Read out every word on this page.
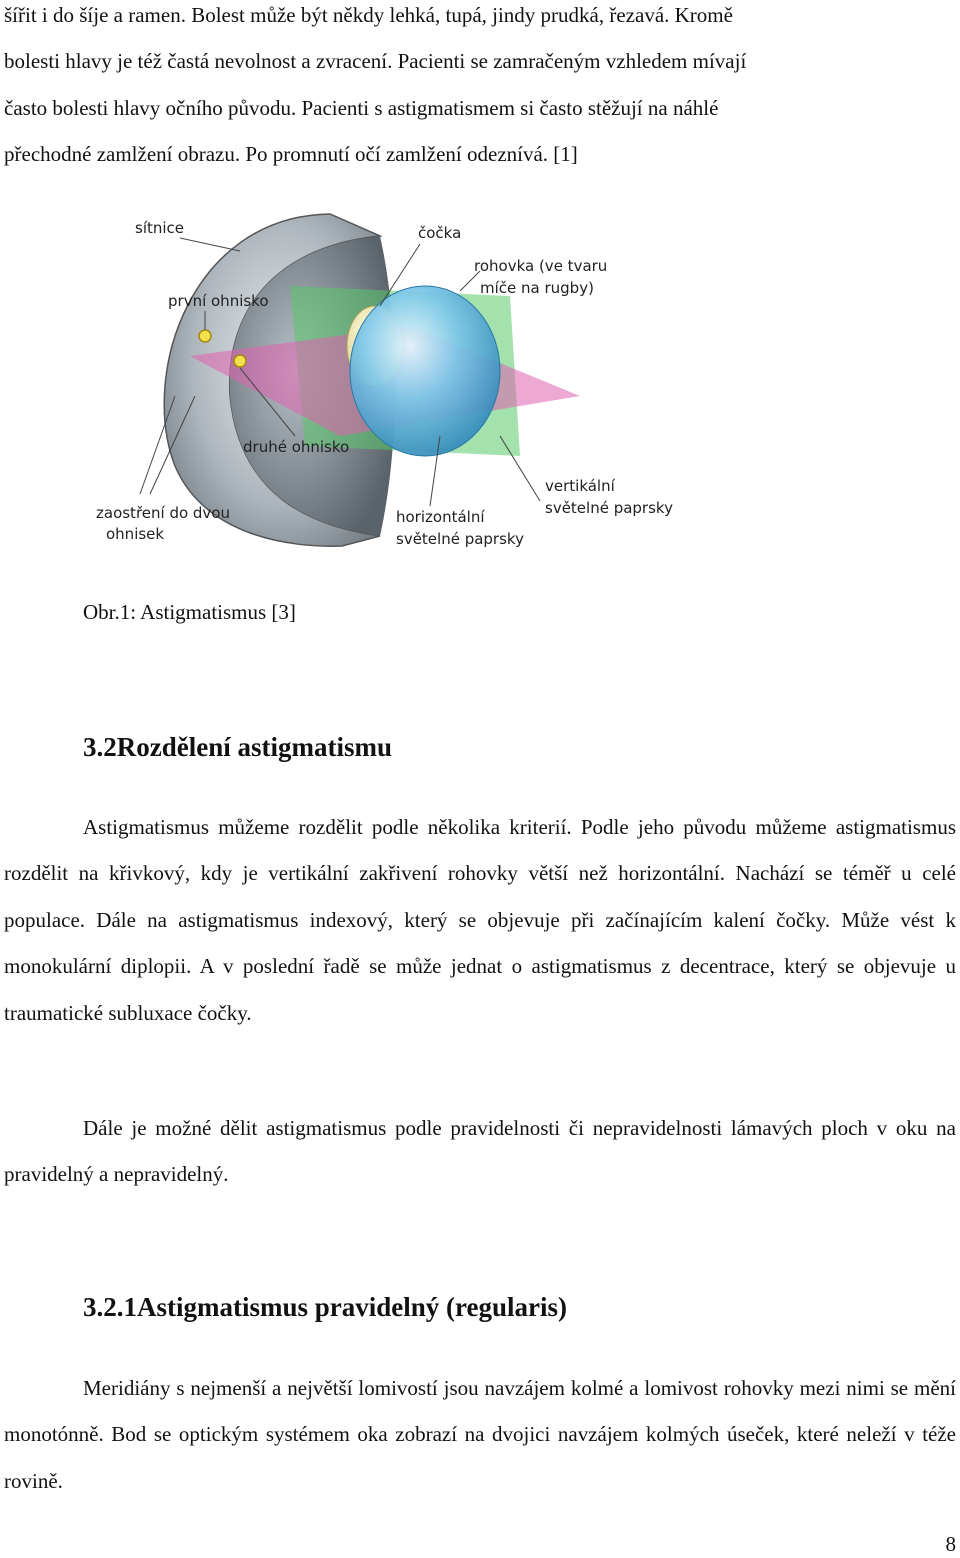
šířit i do šíje a ramen. Bolest může být někdy lehká, tupá, jindy prudká, řezavá. Kromě

bolesti hlavy je též častá nevolnost a zvracení. Pacienti se zamračeným vzhledem mívají

často bolesti hlavy očního původu. Pacienti s astigmatismem si často stěžují na náhlé

přechodné zamlžení obrazu. Po promnutí očí zamlžení odeznívá. [1]

sítnice	čočka
rohovka (ve tvaru
míče na rugby)
první ohnisko
druhé ohnisko
vertikální
světelné paprsky
zaostření do dvou
ohnisek
horizontální
světelné paprsky
Obr.1: Astigmatismus [3]
3.2Rozdělení astigmatismu
Astigmatismus můžeme rozdělit podle několika kriterií. Podle jeho původu můžeme astigmatismus rozdělit na křivkový, kdy je vertikální zakřivení rohovky větší než horizontální. Nachází se téměř u celé populace. Dále na astigmatismus indexový, který se objevuje při začínajícím kalení čočky. Může vést k monokulární diplopii. A v poslední řadě se může jednat o astigmatismus z decentrace, který se objevuje u traumatické subluxace čočky.
Dále je možné dělit astigmatismus podle pravidelnosti či nepravidelnosti lámavých ploch v oku na pravidelný a nepravidelný.
3.2.1Astigmatismus pravidelný (regularis)
Meridiány s nejmenší a největší lomivostí jsou navzájem kolmé a lomivost rohovky mezi nimi se mění monotónně. Bod se optickým systémem oka zobrazí na dvojici navzájem kolmých úseček, které neleží v téže rovině.
8
